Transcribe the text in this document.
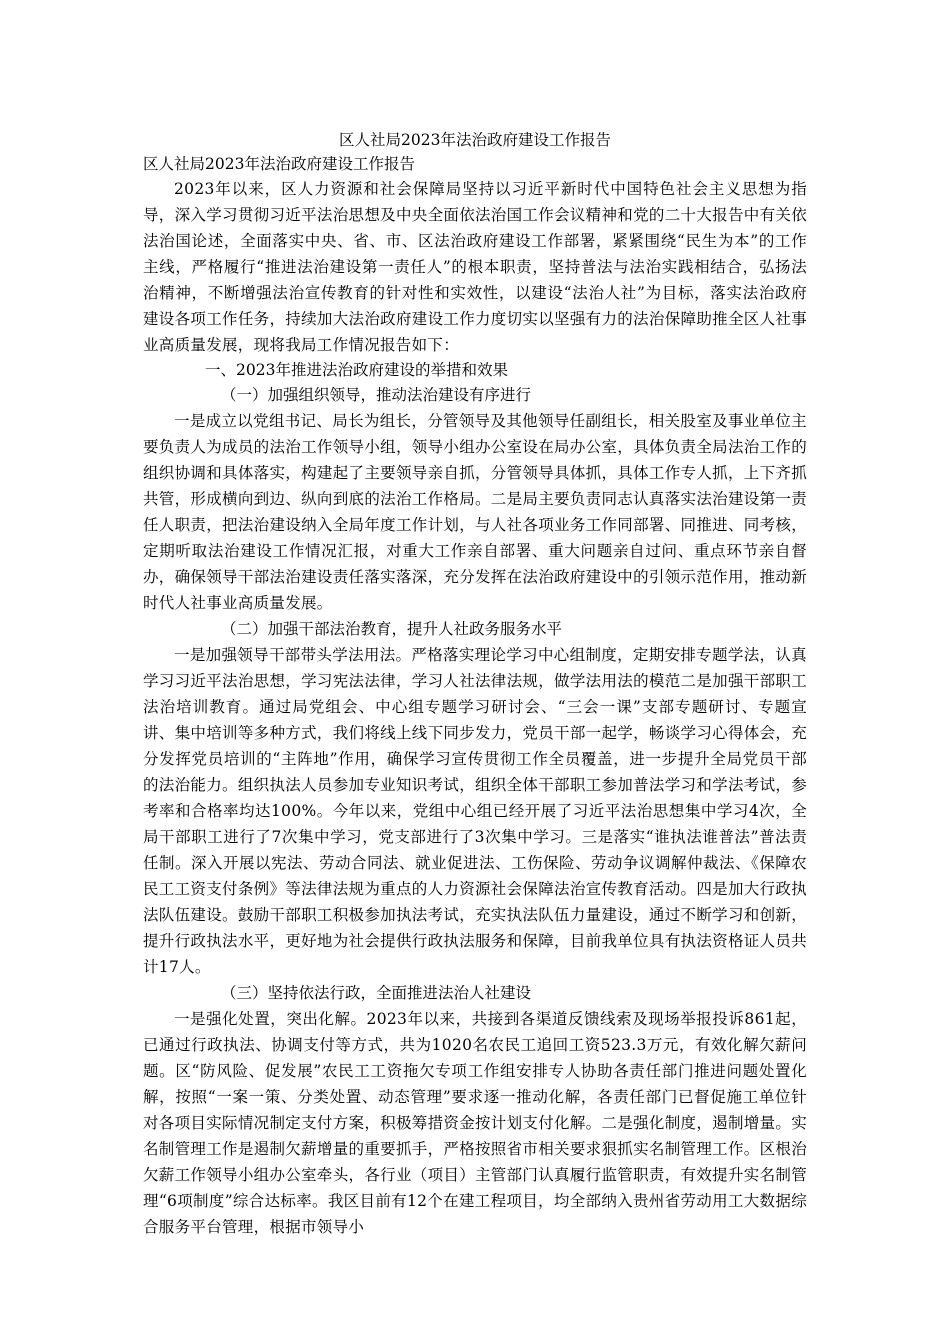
区人社局2023年法治政府建设工作报告
区人社局2023年法治政府建设工作报告

2023年以来，区人力资源和社会保障局坚持以习近平新时代中国特色社会主义思想为指导，深入学习贯彻习近平法治思想及中央全面依法治国工作会议精神和党的二十大报告中有关依法治国论述，全面落实中央、省、市、区法治政府建设工作部署，紧紧围绕“民生为本”的工作主线，严格履行“推进法治建设第一责任人”的根本职责，坚持普法与法治实践相结合，弘扬法治精神，不断增强法治宣传教育的针对性和实效性，以建设“法治人社”为目标，落实法治政府建设各项工作任务，持续加大法治政府建设工作力度切实以坚强有力的法治保障助推全区人社事业高质量发展，现将我局工作情况报告如下：

一、2023年推进法治政府建设的举措和效果
（一）加强组织领导，推动法治建设有序进行

一是成立以党组书记、局长为组长，分管领导及其他领导任副组长，相关股室及事业单位主要负责人为成员的法治工作领导小组，领导小组办公室设在局办公室，具体负责全局法治工作的组织协调和具体落实，构建起了主要领导亲自抓，分管领导具体抓，具体工作专人抓，上下齐抓共管，形成横向到边、纵向到底的法治工作格局。二是局主要负责同志认真落实法治建设第一责任人职责，把法治建设纳入全局年度工作计划，与人社各项业务工作同部署、同推进、同考核，定期听取法治建设工作情况汇报，对重大工作亲自部署、重大问题亲自过问、重点环节亲自督办，确保领导干部法治建设责任落实落深，充分发挥在法治政府建设中的引领示范作用，推动新时代人社事业高质量发展。

（二）加强干部法治教育，提升人社政务服务水平

一是加强领导干部带头学法用法。严格落实理论学习中心组制度，定期安排专题学法，认真学习习近平法治思想，学习宪法法律，学习人社法律法规，做学法用法的模范二是加强干部职工法治培训教育。通过局党组会、中心组专题学习研讨会、“三会一课”支部专题研讨、专题宣讲、集中培训等多种方式，我们将线上线下同步发力，党员干部一起学，畅谈学习心得体会，充分发挥党员培训的“主阵地”作用，确保学习宣传贯彻工作全员覆盖，进一步提升全局党员干部的法治能力。组织执法人员参加专业知识考试，组织全体干部职工参加普法学习和学法考试，参考率和合格率均达100%。今年以来，党组中心组已经开展了习近平法治思想集中学习4次，全局干部职工进行了7次集中学习，党支部进行了3次集中学习。三是落实“谁执法谁普法”普法责任制。深入开展以宪法、劳动合同法、就业促进法、工伤保险、劳动争议调解仲裁法、《保障农民工工资支付条例》等法律法规为重点的人力资源社会保障法治宣传教育活动。四是加大行政执法队伍建设。鼓励干部职工积极参加执法考试，充实执法队伍力量建设，通过不断学习和创新，提升行政执法水平，更好地为社会提供行政执法服务和保障，目前我单位具有执法资格证人员共计17人。

（三）坚持依法行政，全面推进法治人社建设

一是强化处置，突出化解。2023年以来，共接到各渠道反馈线索及现场举报投诉861起，已通过行政执法、协调支付等方式，共为1020名农民工追回工资523.3万元，有效化解欠薪问题。区“防风险、促发展”农民工工资拖欠专项工作组安排专人协助各责任部门推进问题处置化解，按照“一案一策、分类处置、动态管理”要求逐一推动化解，各责任部门已督促施工单位针对各项目实际情况制定支付方案，积极筹措资金按计划支付化解。二是强化制度，遏制增量。实名制管理工作是遏制欠薪增量的重要抓手，严格按照省市相关要求狠抓实名制管理工作。区根治欠薪工作领导小组办公室牵头，各行业（项目）主管部门认真履行监管职责，有效提升实名制管理“6项制度”综合达标率。我区目前有12个在建工程项目，均全部纳入贵州省劳动用工大数据综合服务平台管理，根据市领导小
